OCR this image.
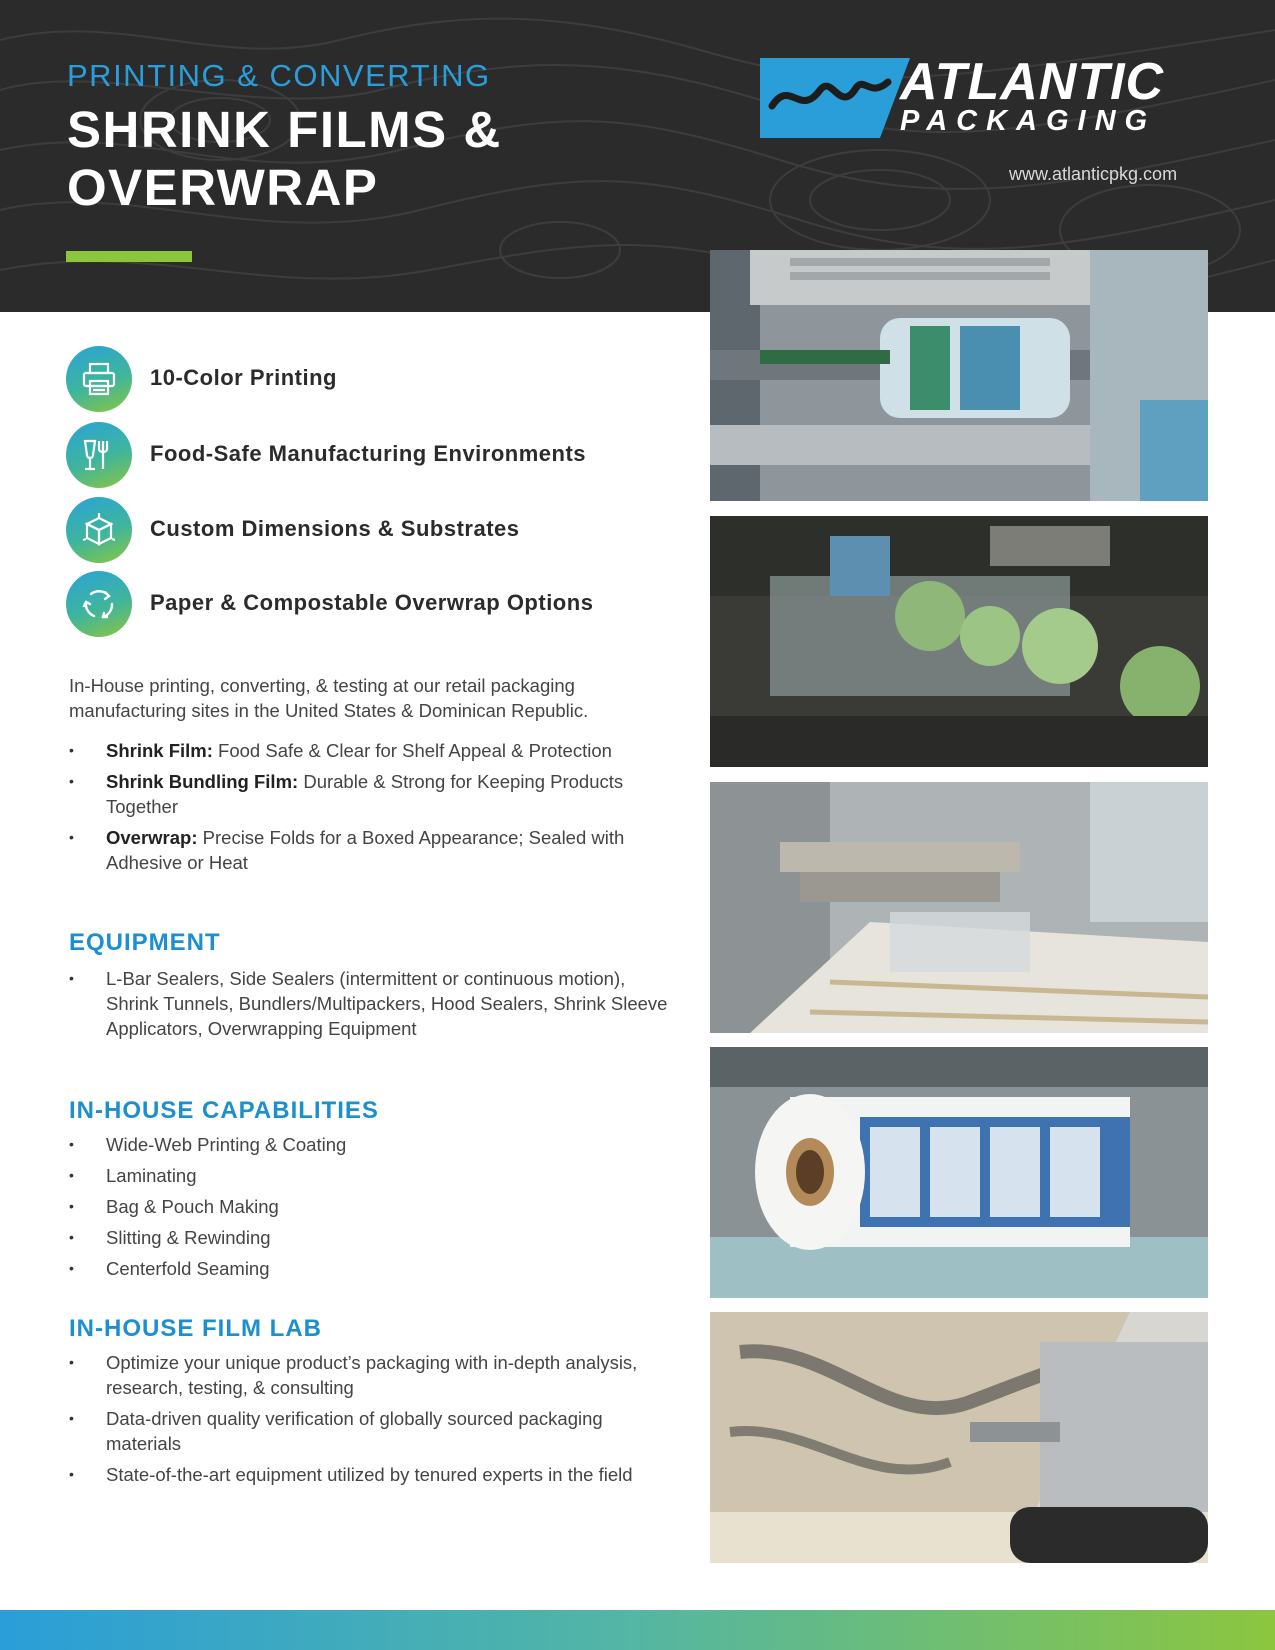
PRINTING & CONVERTING
SHRINK FILMS &
OVERWRAP
ATLANTIC
PACKAGING
www.atlanticpkg.com
10-Color Printing
Food-Safe Manufacturing Environments
Custom Dimensions & Substrates
Paper & Compostable Overwrap Options
In-House printing, converting, & testing at our retail packaging manufacturing sites in the United States & Dominican Republic.
• Shrink Film: Food Safe & Clear for Shelf Appeal & Protection
• Shrink Bundling Film: Durable & Strong for Keeping Products Together
• Overwrap: Precise Folds for a Boxed Appearance; Sealed with Adhesive or Heat
EQUIPMENT
• L-Bar Sealers, Side Sealers (intermittent or continuous motion), Shrink Tunnels, Bundlers/Multipackers, Hood Sealers, Shrink Sleeve Applicators, Overwrapping Equipment
IN-HOUSE CAPABILITIES
• Wide-Web Printing & Coating
• Laminating
• Bag & Pouch Making
• Slitting & Rewinding
• Centerfold Seaming
IN-HOUSE FILM LAB
• Optimize your unique product’s packaging with in-depth analysis, research, testing, & consulting
• Data-driven quality verification of globally sourced packaging materials
• State-of-the-art equipment utilized by tenured experts in the field
